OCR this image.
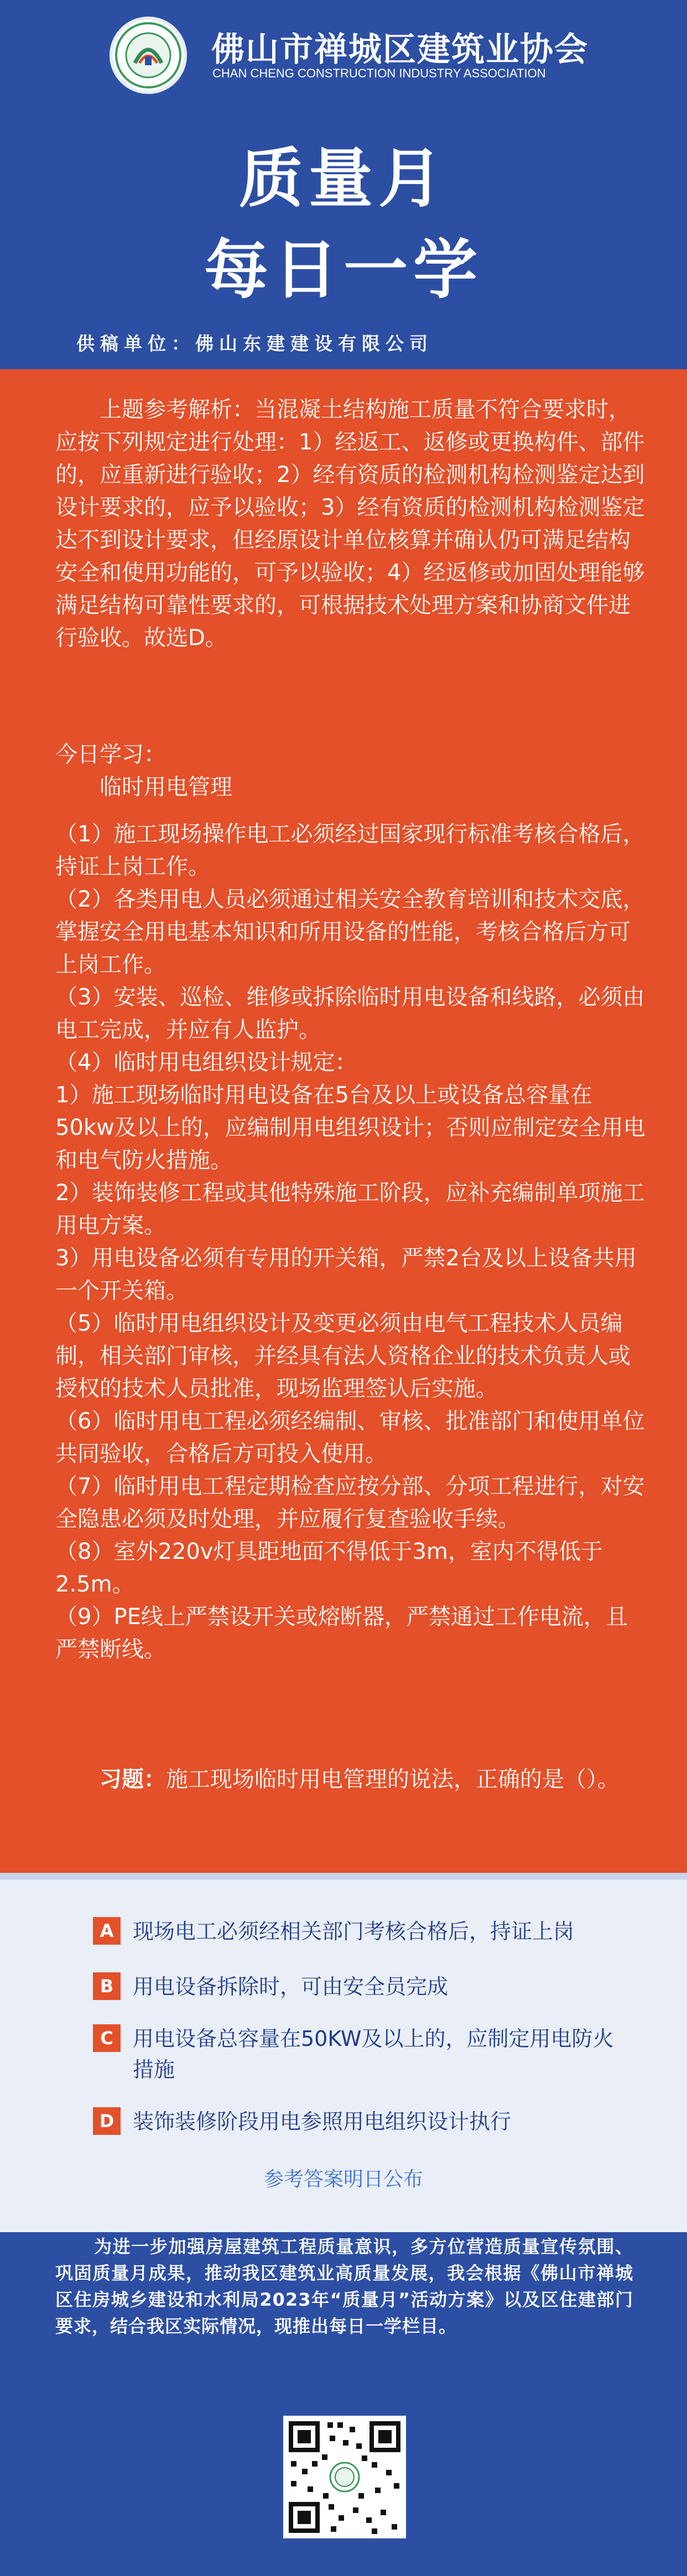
佛山市禅城区建筑业协会
CHAN CHENG CONSTRUCTION INDUSTRY ASSOCIATION
质量月
每日一学
供稿单位：佛山东建建设有限公司
上题参考解析：当混凝土结构施工质量不符合要求时，应按下列规定进行处理：1）经返工、返修或更换构件、部件的，应重新进行验收；2）经有资质的检测机构检测鉴定达到设计要求的，应予以验收；3）经有资质的检测机构检测鉴定达不到设计要求，但经原设计单位核算并确认仍可满足结构安全和使用功能的，可予以验收；4）经返修或加固处理能够满足结构可靠性要求的，可根据技术处理方案和协商文件进行验收。故选D。
今日学习：
临时用电管理

（1）施工现场操作电工必须经过国家现行标准考核合格后，持证上岗工作。

（2）各类用电人员必须通过相关安全教育培训和技术交底，掌握安全用电基本知识和所用设备的性能，考核合格后方可上岗工作。

（3）安装、巡检、维修或拆除临时用电设备和线路，必须由电工完成，并应有人监护。

（4）临时用电组织设计规定：

1）施工现场临时用电设备在5台及以上或设备总容量在50kw及以上的，应编制用电组织设计；否则应制定安全用电和电气防火措施。

2）装饰装修工程或其他特殊施工阶段，应补充编制单项施工用电方案。

3）用电设备必须有专用的开关箱，严禁2台及以上设备共用一个开关箱。

（5）临时用电组织设计及变更必须由电气工程技术人员编制，相关部门审核，并经具有法人资格企业的技术负责人或授权的技术人员批准，现场监理签认后实施。

（6）临时用电工程必须经编制、审核、批准部门和使用单位共同验收，合格后方可投入使用。

（7）临时用电工程定期检查应按分部、分项工程进行，对安全隐患必须及时处理，并应履行复查验收手续。

（8）室外220v灯具距地面不得低于3m，室内不得低于2.5m。

（9）PE线上严禁设开关或熔断器，严禁通过工作电流，且严禁断线。

习题：施工现场临时用电管理的说法，正确的是（）。
A 现场电工必须经相关部门考核合格后，持证上岗
B 用电设备拆除时，可由安全员完成
C 用电设备总容量在50KW及以上的，应制定用电防火措施
D 装饰装修阶段用电参照用电组织设计执行
参考答案明日公布
为进一步加强房屋建筑工程质量意识，多方位营造质量宣传氛围、巩固质量月成果，推动我区建筑业高质量发展，我会根据《佛山市禅城区住房城乡建设和水利局2023年“质量月”活动方案》以及区住建部门要求，结合我区实际情况，现推出每日一学栏目。
